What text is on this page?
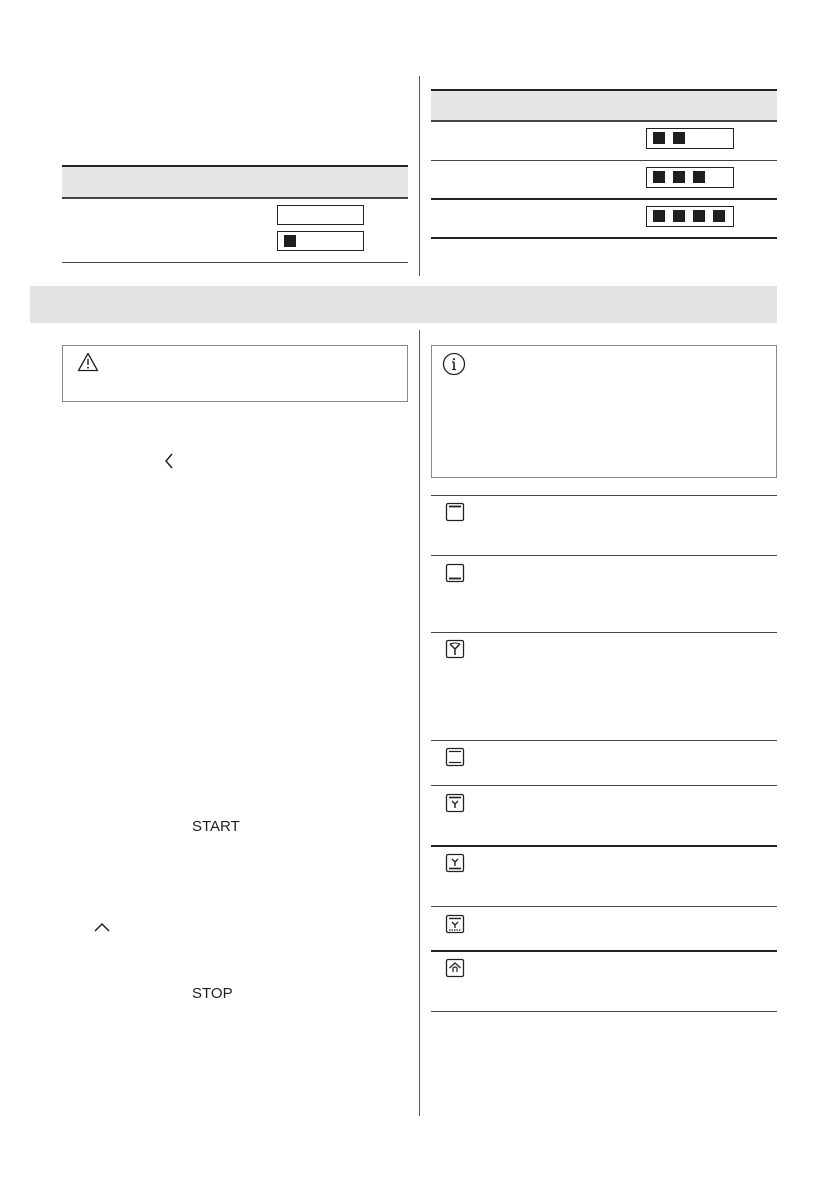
START
STOP
